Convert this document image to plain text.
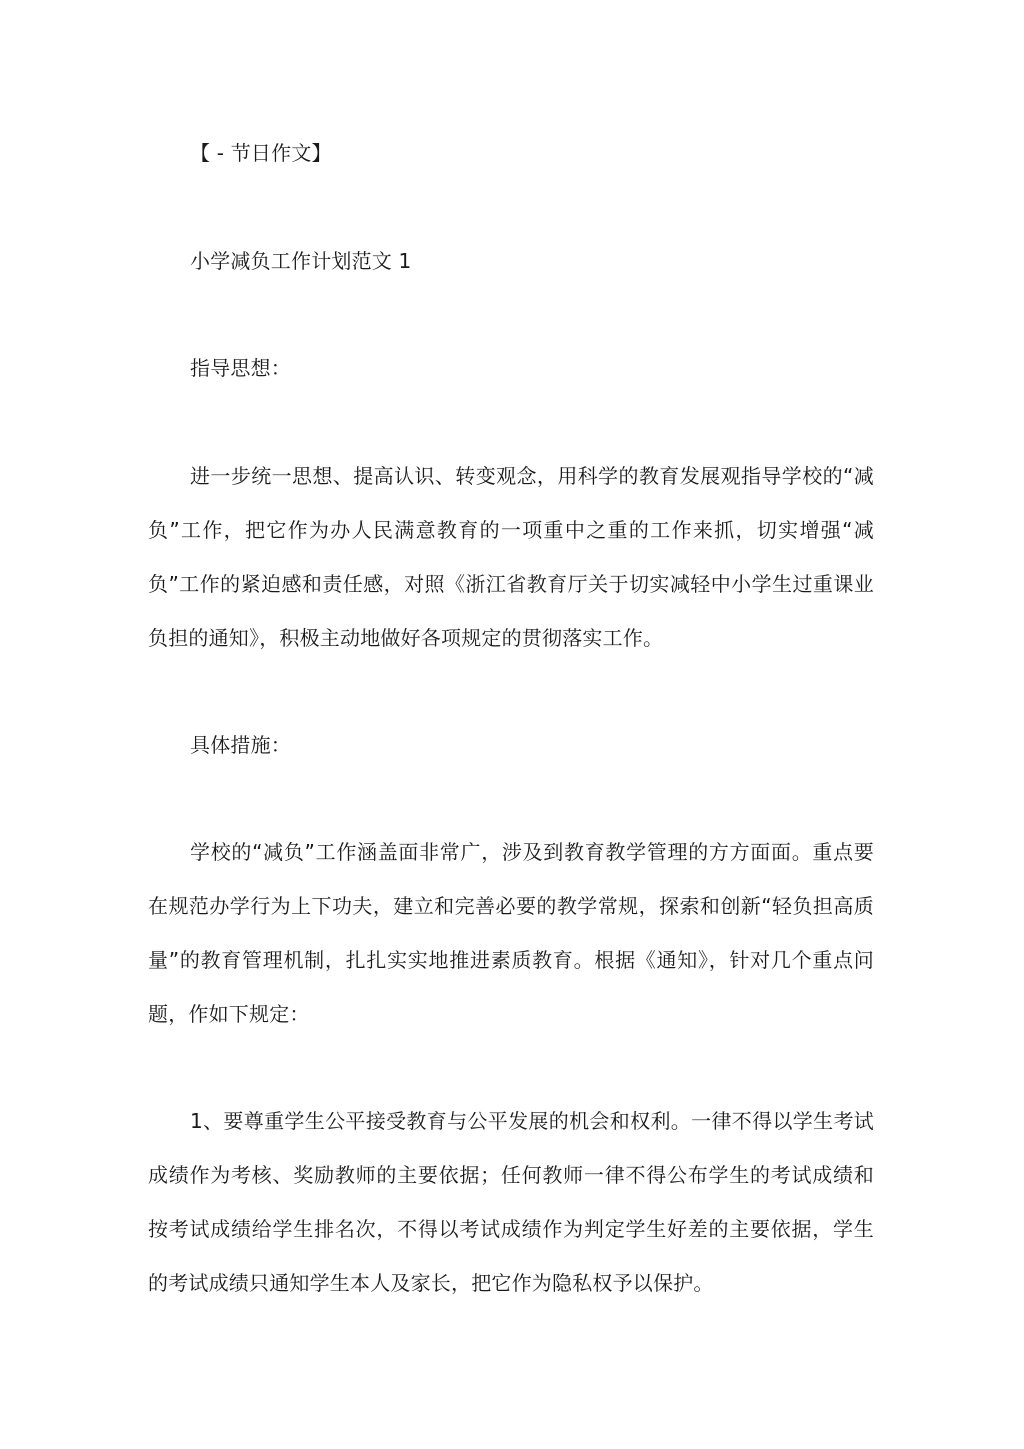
【 - 节日作文】
小学减负工作计划范文 1
指导思想：
进一步统一思想、提高认识、转变观念，用科学的教育发展观指导学校的“减负”工作，把它作为办人民满意教育的一项重中之重的工作来抓，切实增强“减负”工作的紧迫感和责任感，对照《浙江省教育厅关于切实减轻中小学生过重课业负担的通知》，积极主动地做好各项规定的贯彻落实工作。
具体措施：
学校的“减负”工作涵盖面非常广，涉及到教育教学管理的方方面面。重点要在规范办学行为上下功夫，建立和完善必要的教学常规，探索和创新“轻负担高质量”的教育管理机制，扎扎实实地推进素质教育。根据《通知》，针对几个重点问题，作如下规定：
1、要尊重学生公平接受教育与公平发展的机会和权利。一律不得以学生考试成绩作为考核、奖励教师的主要依据；任何教师一律不得公布学生的考试成绩和按考试成绩给学生排名次，不得以考试成绩作为判定学生好差的主要依据，学生的考试成绩只通知学生本人及家长，把它作为隐私权予以保护。
